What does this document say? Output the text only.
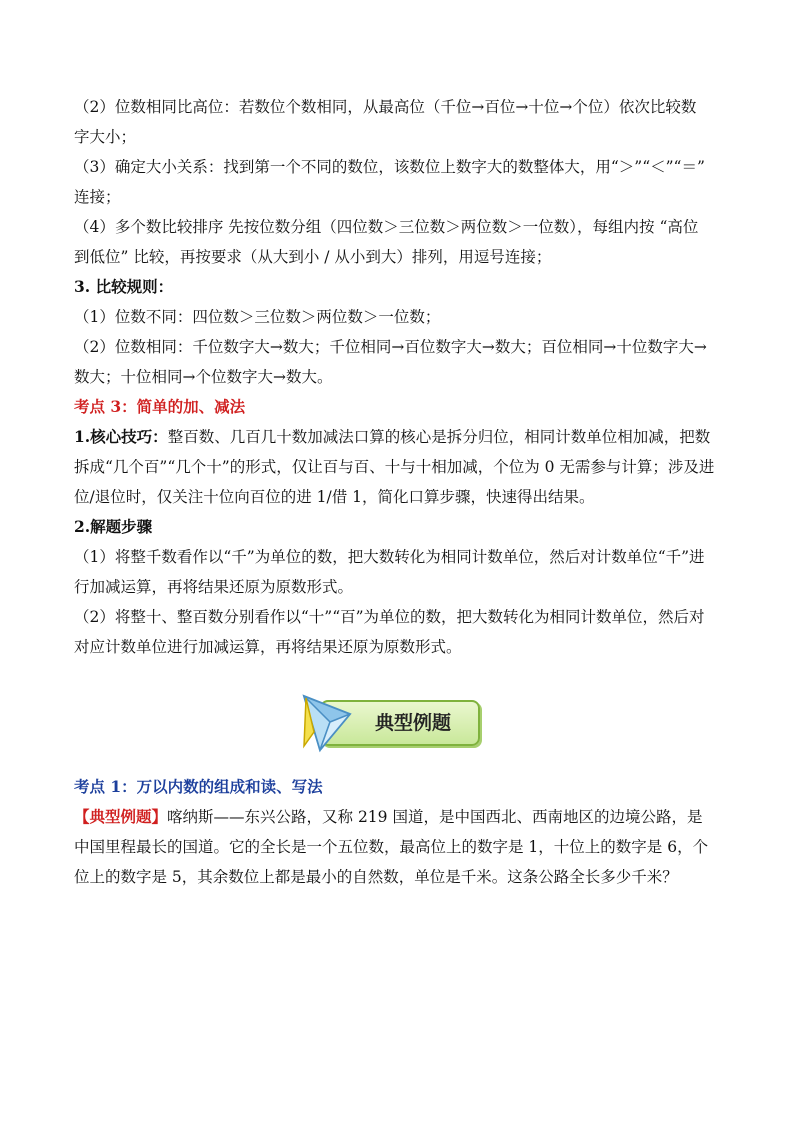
（2）位数相同比高位：若数位个数相同，从最高位（千位→百位→十位→个位）依次比较数

字大小；

（3）确定大小关系：找到第一个不同的数位，该数位上数字大的数整体大，用“＞”“＜”“＝”

连接；

（4）多个数比较排序 先按位数分组（四位数＞三位数＞两位数＞一位数），每组内按 “高位

到低位” 比较，再按要求（从大到小 / 从小到大）排列，用逗号连接；

3. 比较规则：

（1）位数不同：四位数＞三位数＞两位数＞一位数；

（2）位数相同：千位数字大→数大；千位相同→百位数字大→数大；百位相同→十位数字大→

数大；十位相同→个位数字大→数大。

考点 3：简单的加、减法

1.核心技巧：整百数、几百几十数加减法口算的核心是拆分归位，相同计数单位相加减，把数

拆成“几个百”“几个十”的形式，仅让百与百、十与十相加减，个位为 0 无需参与计算；涉及进

位/退位时，仅关注十位向百位的进 1/借 1，简化口算步骤，快速得出结果。

2.解题步骤

（1）将整千数看作以“千”为单位的数，把大数转化为相同计数单位，然后对计数单位“千”进

行加减运算，再将结果还原为原数形式。

（2）将整十、整百数分别看作以“十”“百”为单位的数，把大数转化为相同计数单位，然后对

对应计数单位进行加减运算，再将结果还原为原数形式。

典型例题

考点 1：万以内数的组成和读、写法

【典型例题】喀纳斯——东兴公路，又称 219 国道，是中国西北、西南地区的边境公路，是

中国里程最长的国道。它的全长是一个五位数，最高位上的数字是 1，十位上的数字是 6，个

位上的数字是 5，其余数位上都是最小的自然数，单位是千米。这条公路全长多少千米？
